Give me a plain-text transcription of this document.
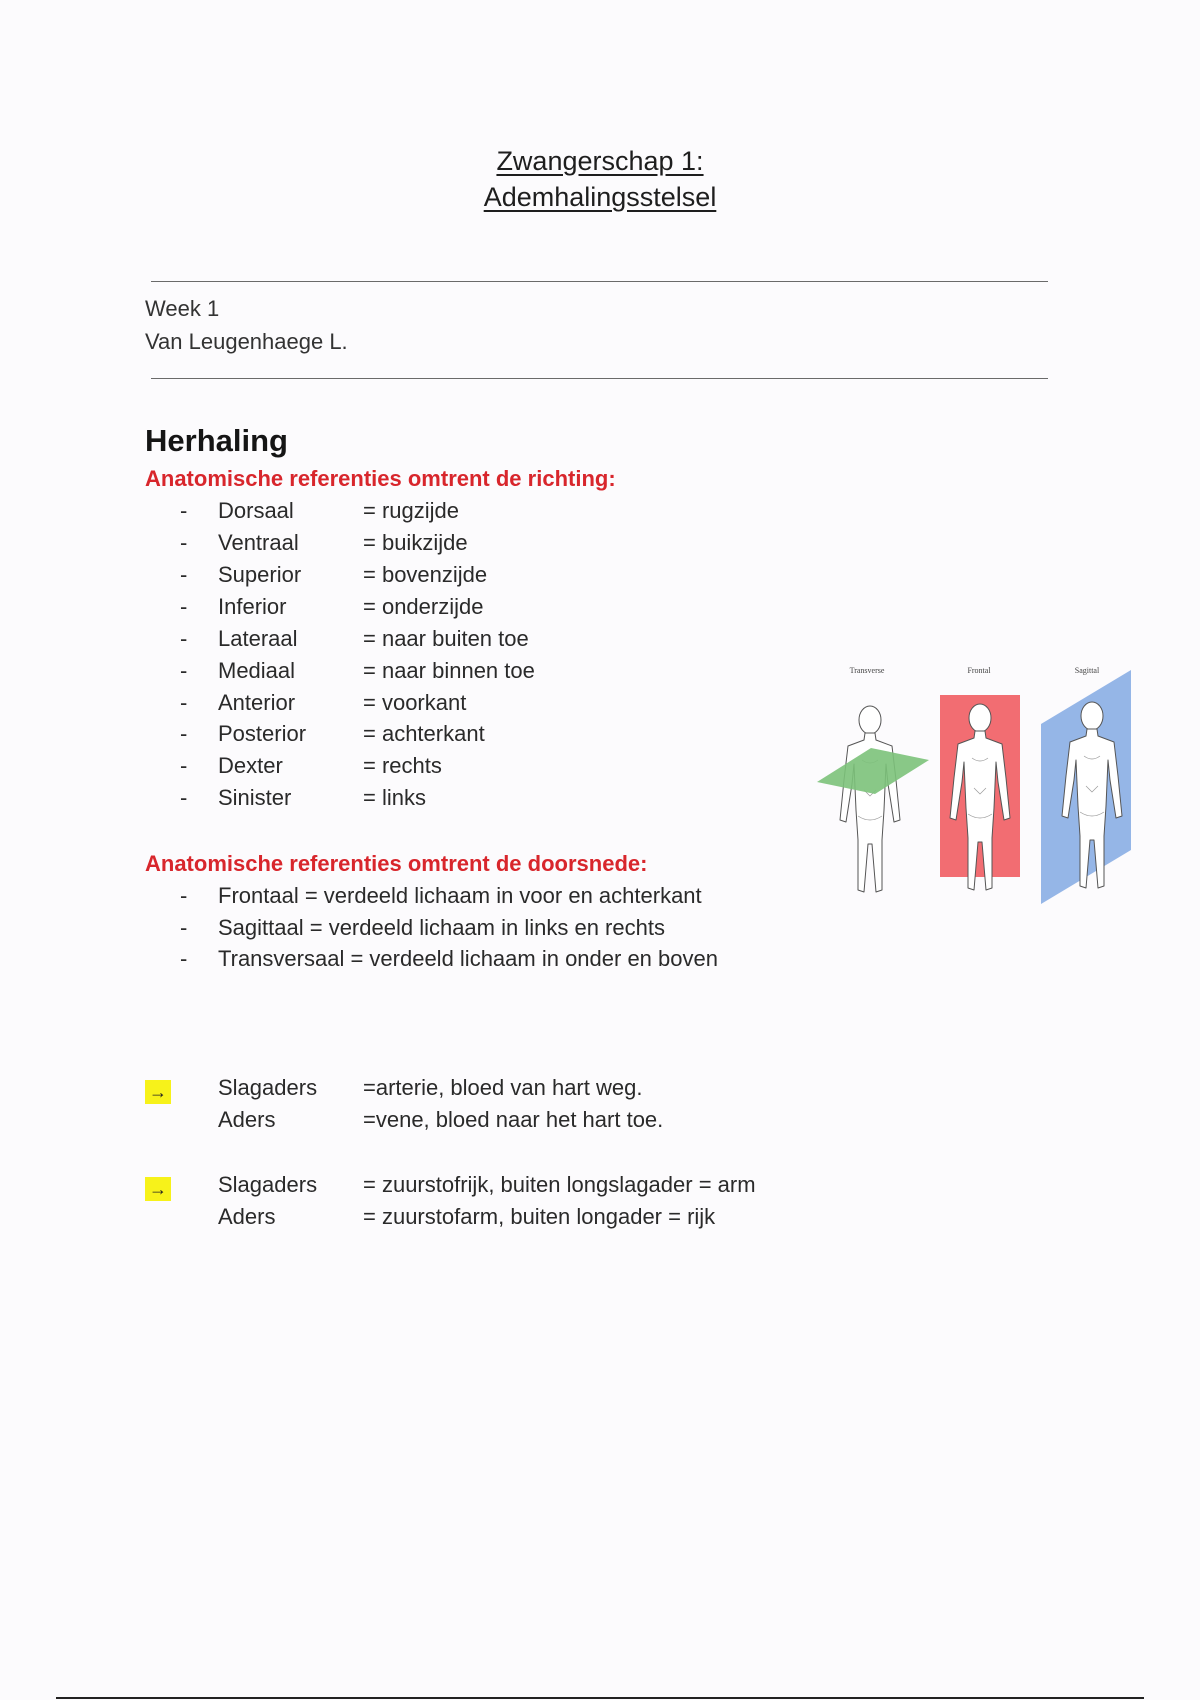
Zwangerschap 1:
Ademhalingsstelsel
Week 1
Van Leugenhaege L.
Herhaling
Anatomische referenties omtrent de richting:
- Dorsaal	= rugzijde
- Ventraal	= buikzijde
- Superior	= bovenzijde
- Inferior	= onderzijde
- Lateraal	= naar buiten toe
- Mediaal	= naar binnen toe
- Anterior	= voorkant
- Posterior	= achterkant
- Dexter	= rechts
- Sinister	= links
Anatomische referenties omtrent de doorsnede:
- Frontaal = verdeeld lichaam in voor en achterkant
- Sagittaal = verdeeld lichaam in links en rechts
- Transversaal = verdeeld lichaam in onder en boven
Transverse	Frontal	Sagittal
→ Slagaders =arterie, bloed van hart weg.
Aders	=vene, bloed naar het hart toe.
→ Slagaders = zuurstofrijk, buiten longslagader = arm
Aders	= zuurstofarm, buiten longader = rijk
